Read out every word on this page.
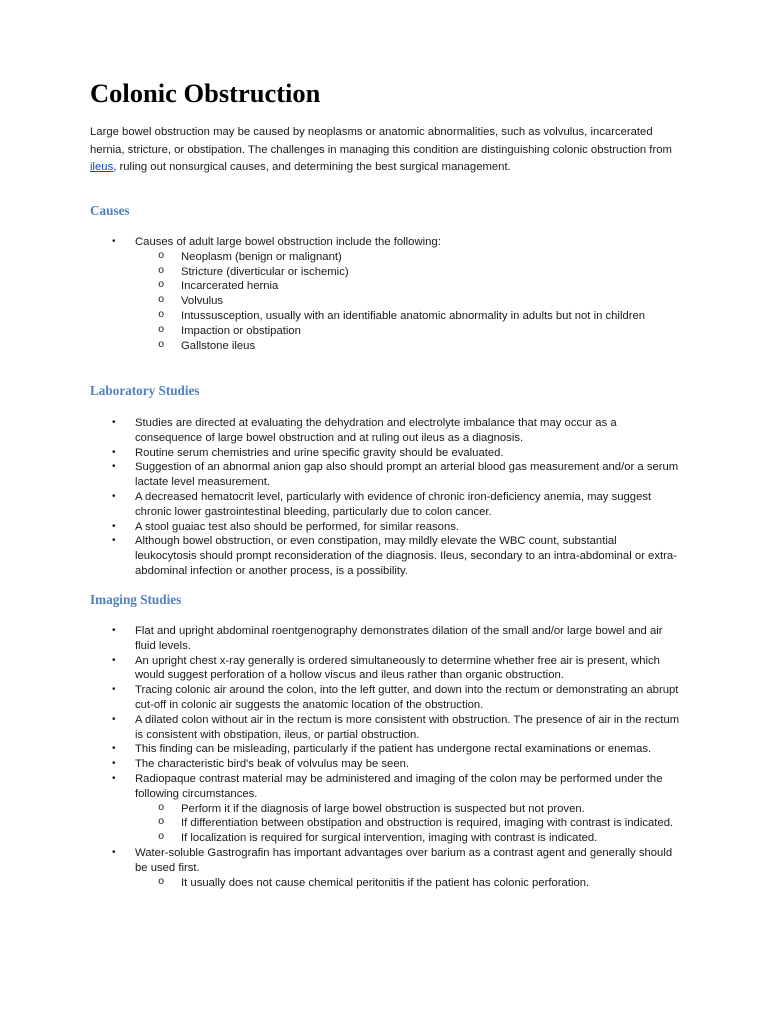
Colonic Obstruction

Large bowel obstruction may be caused by neoplasms or anatomic abnormalities, such as volvulus, incarcerated hernia, stricture, or obstipation. The challenges in managing this condition are distinguishing colonic obstruction from ileus, ruling out nonsurgical causes, and determining the best surgical management.

Causes
• Causes of adult large bowel obstruction include the following:
o Neoplasm (benign or malignant)
o Stricture (diverticular or ischemic)
o Incarcerated hernia
o Volvulus
o Intussusception, usually with an identifiable anatomic abnormality in adults but not in children
o Impaction or obstipation
o Gallstone ileus
Laboratory Studies
• Studies are directed at evaluating the dehydration and electrolyte imbalance that may occur as a consequence of large bowel obstruction and at ruling out ileus as a diagnosis.
• Routine serum chemistries and urine specific gravity should be evaluated.
• Suggestion of an abnormal anion gap also should prompt an arterial blood gas measurement and/or a serum lactate level measurement.
• A decreased hematocrit level, particularly with evidence of chronic iron-deficiency anemia, may suggest chronic lower gastrointestinal bleeding, particularly due to colon cancer.
• A stool guaiac test also should be performed, for similar reasons.
• Although bowel obstruction, or even constipation, may mildly elevate the WBC count, substantial leukocytosis should prompt reconsideration of the diagnosis. Ileus, secondary to an intra-abdominal or extra-abdominal infection or another process, is a possibility.
Imaging Studies
• Flat and upright abdominal roentgenography demonstrates dilation of the small and/or large bowel and air fluid levels.
• An upright chest x-ray generally is ordered simultaneously to determine whether free air is present, which would suggest perforation of a hollow viscus and ileus rather than organic obstruction.
• Tracing colonic air around the colon, into the left gutter, and down into the rectum or demonstrating an abrupt cut-off in colonic air suggests the anatomic location of the obstruction.
• A dilated colon without air in the rectum is more consistent with obstruction. The presence of air in the rectum is consistent with obstipation, ileus, or partial obstruction.
• This finding can be misleading, particularly if the patient has undergone rectal examinations or enemas.
• The characteristic bird's beak of volvulus may be seen.
• Radiopaque contrast material may be administered and imaging of the colon may be performed under the following circumstances.
o Perform it if the diagnosis of large bowel obstruction is suspected but not proven.
o If differentiation between obstipation and obstruction is required, imaging with contrast is indicated.
o If localization is required for surgical intervention, imaging with contrast is indicated.
• Water-soluble Gastrografin has important advantages over barium as a contrast agent and generally should be used first.
o It usually does not cause chemical peritonitis if the patient has colonic perforation.
